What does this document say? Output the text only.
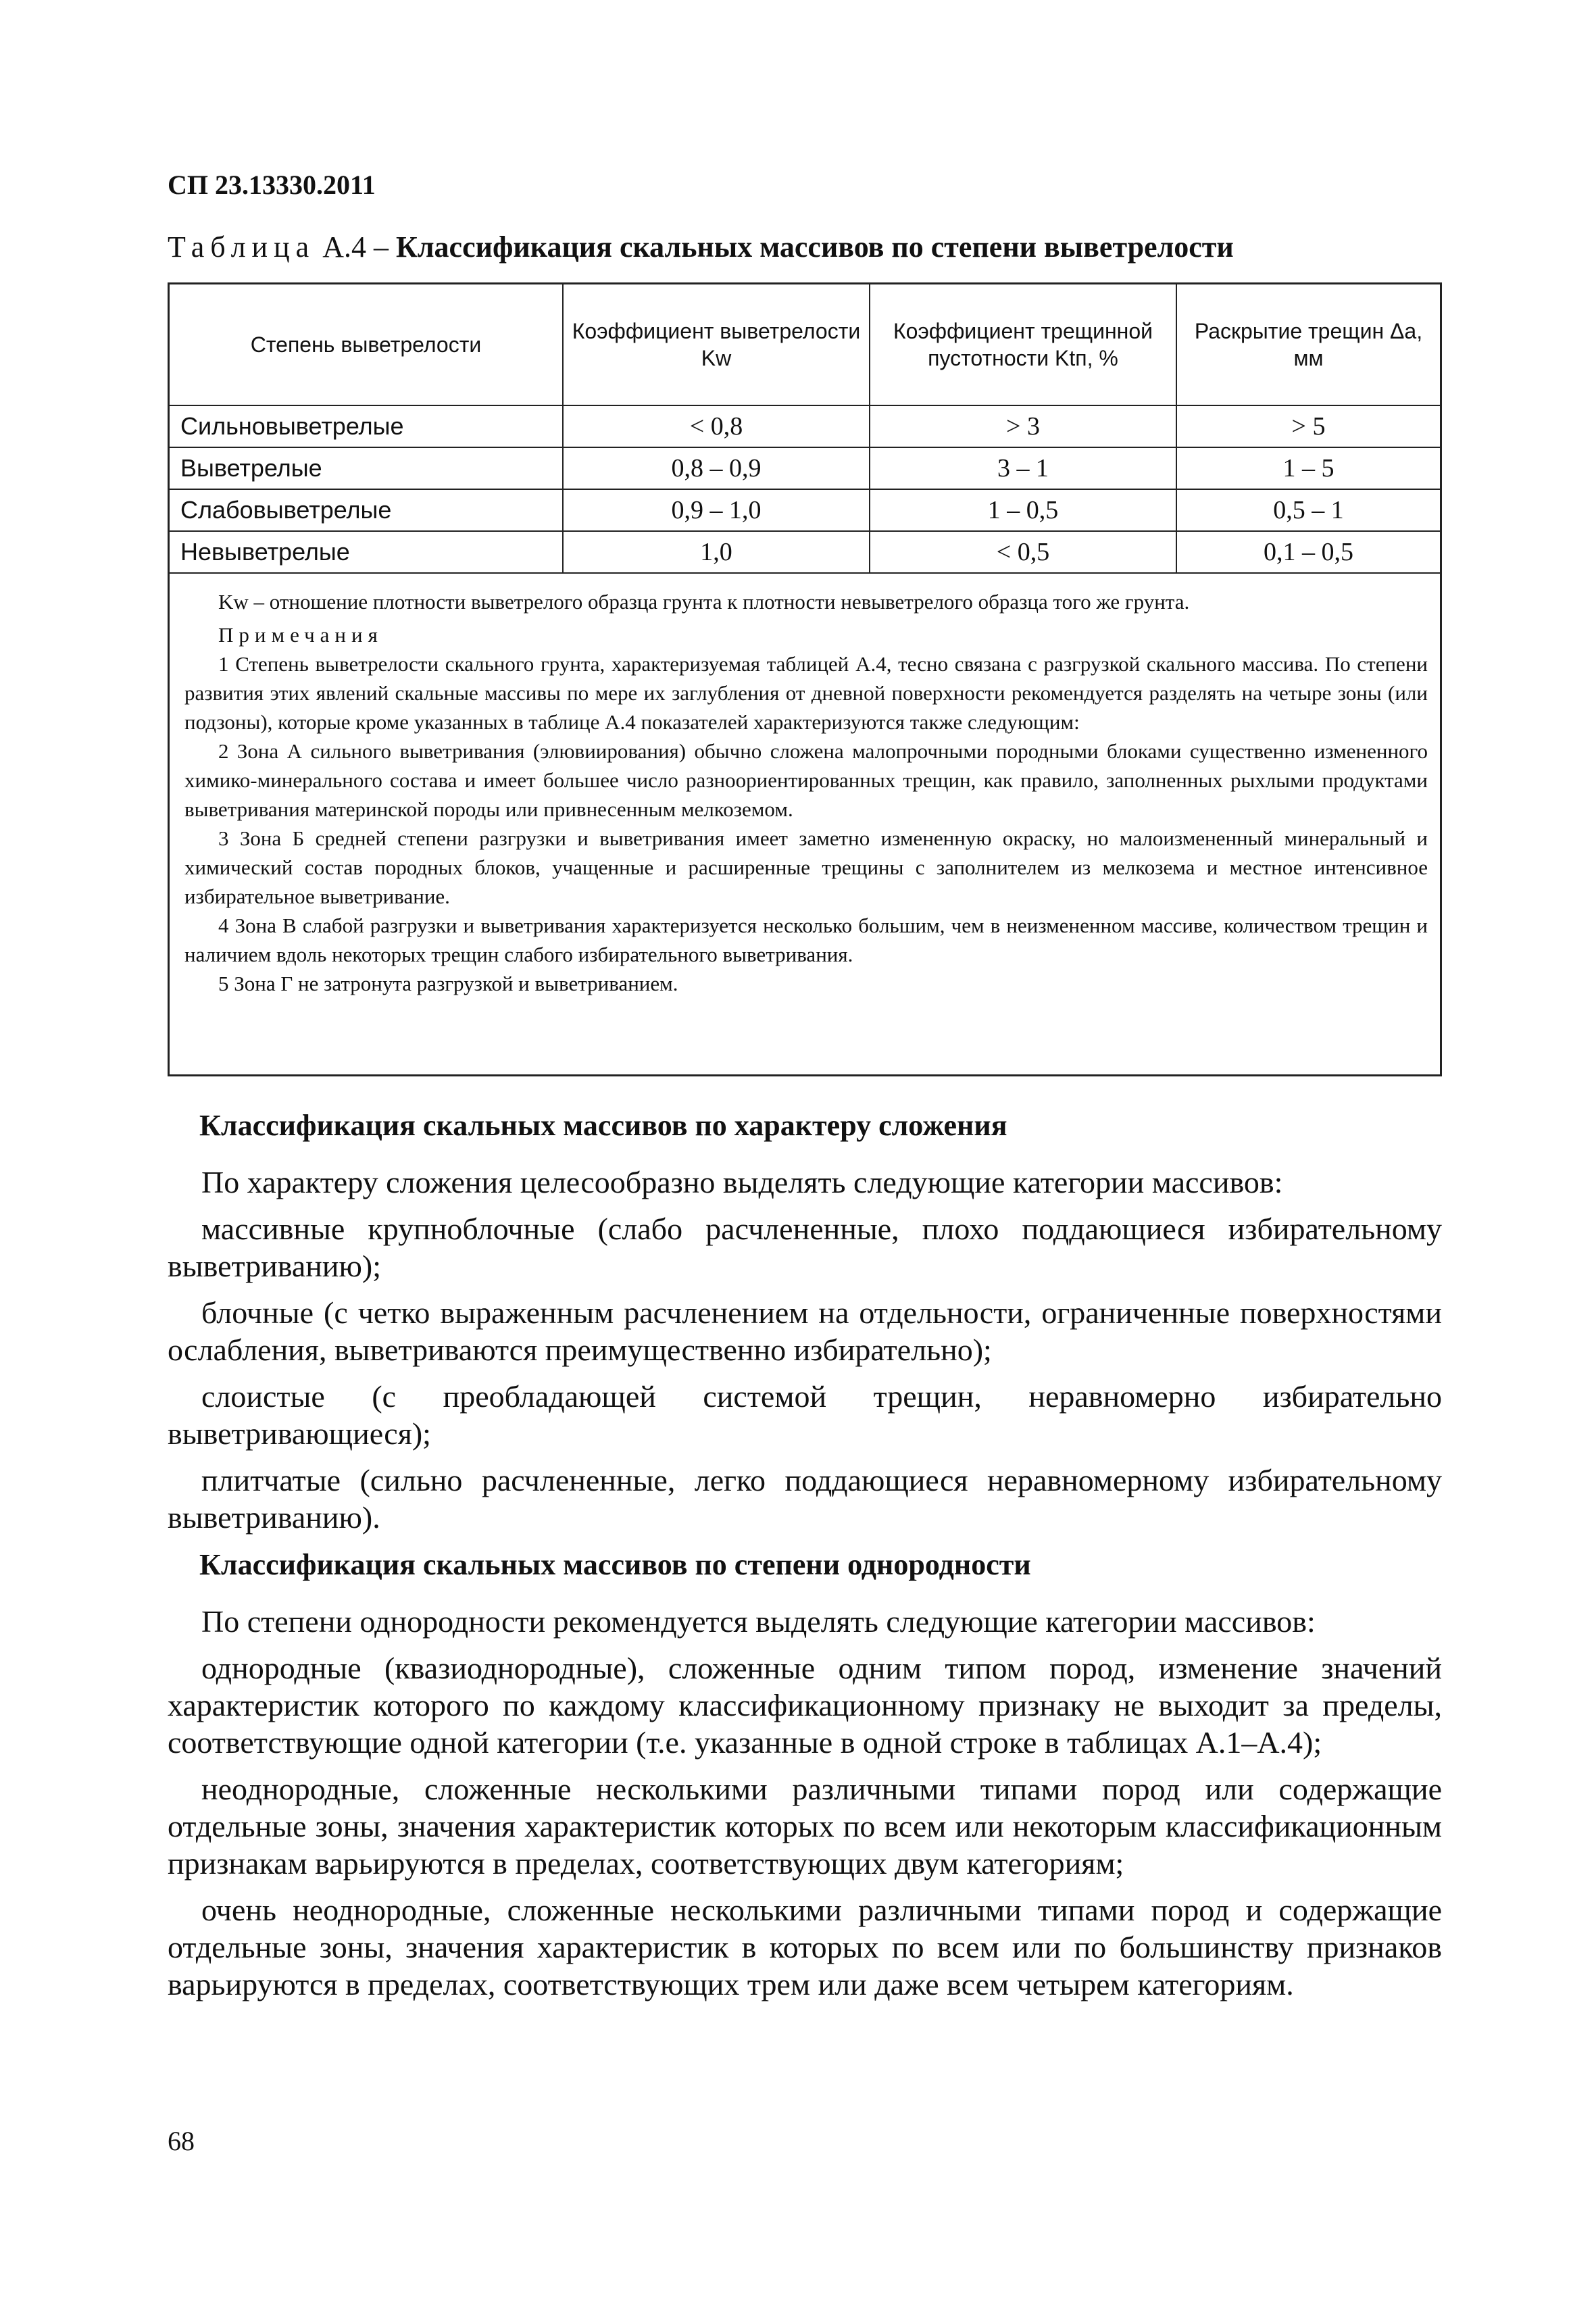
СП 23.13330.2011
Таблица А.4 – Классификация скальных массивов по степени выветрелости
Степень выветрелости	Коэффициент выветрелости Kw	Коэффициент трещинной пустотности Ktп, %	Раскрытие трещин Δa, мм
Сильновыветрелые	< 0,8	> 3	> 5
Выветрелые	0,8 – 0,9	3 – 1	1 – 5
Слабовыветрелые	0,9 – 1,0	1 – 0,5	0,5 – 1
Невыветрелые	1,0	< 0,5	0,1 – 0,5

Kw – отношение плотности выветрелого образца грунта к плотности невыветрелого образца того же грунта.

Примечания

1 Степень выветрелости скального грунта, характеризуемая таблицей А.4, тесно связана с разгрузкой скального массива. По степени развития этих явлений скальные массивы по мере их заглубления от дневной поверхности рекомендуется разделять на четыре зоны (или подзоны), которые кроме указанных в таблице А.4 показателей характеризуются также следующим:

2 Зона А сильного выветривания (элювиирования) обычно сложена малопрочными породными блоками существенно измененного химико-минерального состава и имеет большее число разноориентированных трещин, как правило, заполненных рыхлыми продуктами выветривания материнской породы или привнесенным мелкоземом.

3 Зона Б средней степени разгрузки и выветривания имеет заметно измененную окраску, но малоизмененный минеральный и химический состав породных блоков, учащенные и расширенные трещины с заполнителем из мелкозема и местное интенсивное избирательное выветривание.

4 Зона В слабой разгрузки и выветривания характеризуется несколько большим, чем в неизмененном массиве, количеством трещин и наличием вдоль некоторых трещин слабого избирательного выветривания.

5 Зона Г не затронута разгрузкой и выветриванием.

Классификация скальных массивов по характеру сложения

По характеру сложения целесообразно выделять следующие категории массивов:

массивные крупноблочные (слабо расчлененные, плохо поддающиеся избирательному выветриванию);

блочные (с четко выраженным расчленением на отдельности, ограниченные поверхностями ослабления, выветриваются преимущественно избирательно);

слоистые (с преобладающей системой трещин, неравномерно избирательно выветривающиеся);

плитчатые (сильно расчлененные, легко поддающиеся неравномерному избирательному выветриванию).

Классификация скальных массивов по степени однородности

По степени однородности рекомендуется выделять следующие категории массивов:

однородные (квазиоднородные), сложенные одним типом пород, изменение значений характеристик которого по каждому классификационному признаку не выходит за пределы, соответствующие одной категории (т.е. указанные в одной строке в таблицах А.1–А.4);

неоднородные, сложенные несколькими различными типами пород или содержащие отдельные зоны, значения характеристик которых по всем или некоторым классификационным признакам варьируются в пределах, соответствующих двум категориям;

очень неоднородные, сложенные несколькими различными типами пород и содержащие отдельные зоны, значения характеристик в которых по всем или по большинству признаков варьируются в пределах, соответствующих трем или даже всем четырем категориям.

68
